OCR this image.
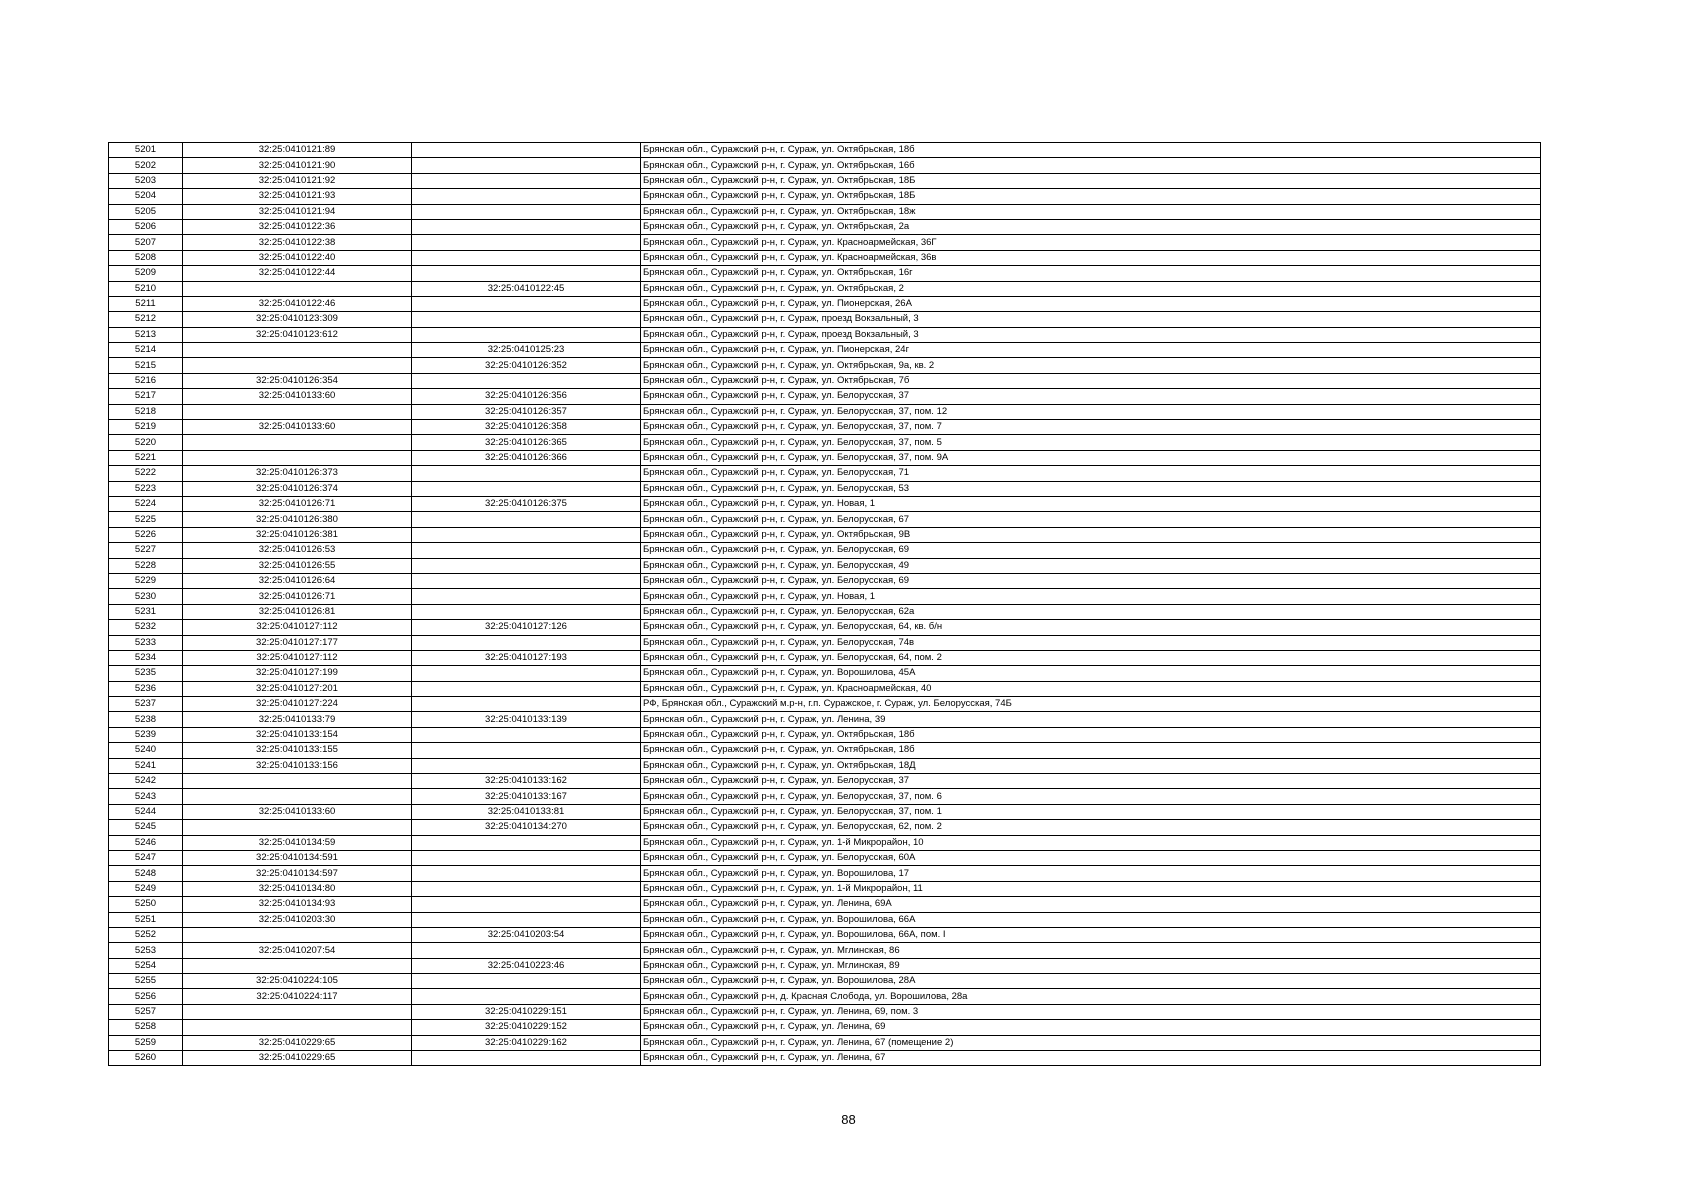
5201	32:25:0410121:89		Брянская обл., Суражский р-н, г. Сураж, ул. Октябрьская, 18б
5202	32:25:0410121:90		Брянская обл., Суражский р-н, г. Сураж, ул. Октябрьская, 16б
5203	32:25:0410121:92		Брянская обл., Суражский р-н, г. Сураж, ул. Октябрьская, 18Б
5204	32:25:0410121:93		Брянская обл., Суражский р-н, г. Сураж, ул. Октябрьская, 18Б
5205	32:25:0410121:94		Брянская обл., Суражский р-н, г. Сураж, ул. Октябрьская, 18ж
5206	32:25:0410122:36		Брянская обл., Суражский р-н, г. Сураж, ул. Октябрьская, 2а
5207	32:25:0410122:38		Брянская обл., Суражский р-н, г. Сураж, ул. Красноармейская, 36Г
5208	32:25:0410122:40		Брянская обл., Суражский р-н, г. Сураж, ул. Красноармейская, 36в
5209	32:25:0410122:44		Брянская обл., Суражский р-н, г. Сураж, ул. Октябрьская, 16г
5210		32:25:0410122:45	Брянская обл., Суражский р-н, г. Сураж, ул. Октябрьская, 2
5211	32:25:0410122:46		Брянская обл., Суражский р-н, г. Сураж, ул. Пионерская, 26А
5212	32:25:0410123:309		Брянская обл., Суражский р-н, г. Сураж, проезд Вокзальный, 3
5213	32:25:0410123:612		Брянская обл., Суражский р-н, г. Сураж, проезд Вокзальный, 3
5214		32:25:0410125:23	Брянская обл., Суражский р-н, г. Сураж, ул. Пионерская, 24г
5215		32:25:0410126:352	Брянская обл., Суражский р-н, г. Сураж, ул. Октябрьская, 9а, кв. 2
5216	32:25:0410126:354		Брянская обл., Суражский р-н, г. Сураж, ул. Октябрьская, 7б
5217	32:25:0410133:60	32:25:0410126:356	Брянская обл., Суражский р-н, г. Сураж, ул. Белорусская, 37
5218		32:25:0410126:357	Брянская обл., Суражский р-н, г. Сураж, ул. Белорусская, 37, пом. 12
5219	32:25:0410133:60	32:25:0410126:358	Брянская обл., Суражский р-н, г. Сураж, ул. Белорусская, 37, пом. 7
5220		32:25:0410126:365	Брянская обл., Суражский р-н, г. Сураж, ул. Белорусская, 37, пом. 5
5221		32:25:0410126:366	Брянская обл., Суражский р-н, г. Сураж, ул. Белорусская, 37, пом. 9А
5222	32:25:0410126:373		Брянская обл., Суражский р-н, г. Сураж, ул. Белорусская, 71
5223	32:25:0410126:374		Брянская обл., Суражский р-н, г. Сураж, ул. Белорусская, 53
5224	32:25:0410126:71	32:25:0410126:375	Брянская обл., Суражский р-н, г. Сураж, ул. Новая, 1
5225	32:25:0410126:380		Брянская обл., Суражский р-н, г. Сураж, ул. Белорусская, 67
5226	32:25:0410126:381		Брянская обл., Суражский р-н, г. Сураж, ул. Октябрьская, 9В
5227	32:25:0410126:53		Брянская обл., Суражский р-н, г. Сураж, ул. Белорусская, 69
5228	32:25:0410126:55		Брянская обл., Суражский р-н, г. Сураж, ул. Белорусская, 49
5229	32:25:0410126:64		Брянская обл., Суражский р-н, г. Сураж, ул. Белорусская, 69
5230	32:25:0410126:71		Брянская обл., Суражский р-н, г. Сураж, ул. Новая, 1
5231	32:25:0410126:81		Брянская обл., Суражский р-н, г. Сураж, ул. Белорусская, 62а
5232	32:25:0410127:112	32:25:0410127:126	Брянская обл., Суражский р-н, г. Сураж, ул. Белорусская, 64, кв. б/н
5233	32:25:0410127:177		Брянская обл., Суражский р-н, г. Сураж, ул. Белорусская, 74в
5234	32:25:0410127:112	32:25:0410127:193	Брянская обл., Суражский р-н, г. Сураж, ул. Белорусская, 64, пом. 2
5235	32:25:0410127:199		Брянская обл., Суражский р-н, г. Сураж, ул. Ворошилова, 45А
5236	32:25:0410127:201		Брянская обл., Суражский р-н, г. Сураж, ул. Красноармейская, 40
5237	32:25:0410127:224		РФ, Брянская обл., Суражский м.р-н, г.п. Суражское, г. Сураж, ул. Белорусская, 74Б
5238	32:25:0410133:79	32:25:0410133:139	Брянская обл., Суражский р-н, г. Сураж, ул. Ленина, 39
5239	32:25:0410133:154		Брянская обл., Суражский р-н, г. Сураж, ул. Октябрьская, 18б
5240	32:25:0410133:155		Брянская обл., Суражский р-н, г. Сураж, ул. Октябрьская, 18б
5241	32:25:0410133:156		Брянская обл., Суражский р-н, г. Сураж, ул. Октябрьская, 18Д
5242		32:25:0410133:162	Брянская обл., Суражский р-н, г. Сураж, ул. Белорусская, 37
5243		32:25:0410133:167	Брянская обл., Суражский р-н, г. Сураж, ул. Белорусская, 37, пом. 6
5244	32:25:0410133:60	32:25:0410133:81	Брянская обл., Суражский р-н, г. Сураж, ул. Белорусская, 37, пом. 1
5245		32:25:0410134:270	Брянская обл., Суражский р-н, г. Сураж, ул. Белорусская, 62, пом. 2
5246	32:25:0410134:59		Брянская обл., Суражский р-н, г. Сураж, ул. 1-й Микрорайон, 10
5247	32:25:0410134:591		Брянская обл., Суражский р-н, г. Сураж, ул. Белорусская, 60А
5248	32:25:0410134:597		Брянская обл., Суражский р-н, г. Сураж, ул. Ворошилова, 17
5249	32:25:0410134:80		Брянская обл., Суражский р-н, г. Сураж, ул. 1-й Микрорайон, 11
5250	32:25:0410134:93		Брянская обл., Суражский р-н, г. Сураж, ул. Ленина, 69А
5251	32:25:0410203:30		Брянская обл., Суражский р-н, г. Сураж, ул. Ворошилова, 66А
5252		32:25:0410203:54	Брянская обл., Суражский р-н, г. Сураж, ул. Ворошилова, 66А, пом. I
5253	32:25:0410207:54		Брянская обл., Суражский р-н, г. Сураж, ул. Мглинская, 86
5254		32:25:0410223:46	Брянская обл., Суражский р-н, г. Сураж, ул. Мглинская, 89
5255	32:25:0410224:105		Брянская обл., Суражский р-н, г. Сураж, ул. Ворошилова, 28А
5256	32:25:0410224:117		Брянская обл., Суражский р-н, д. Красная Слобода, ул. Ворошилова, 28а
5257		32:25:0410229:151	Брянская обл., Суражский р-н, г. Сураж, ул. Ленина, 69, пом. 3
5258		32:25:0410229:152	Брянская обл., Суражский р-н, г. Сураж, ул. Ленина, 69
5259	32:25:0410229:65	32:25:0410229:162	Брянская обл., Суражский р-н, г. Сураж, ул. Ленина, 67 (помещение 2)
5260	32:25:0410229:65		Брянская обл., Суражский р-н, г. Сураж, ул. Ленина, 67
88
